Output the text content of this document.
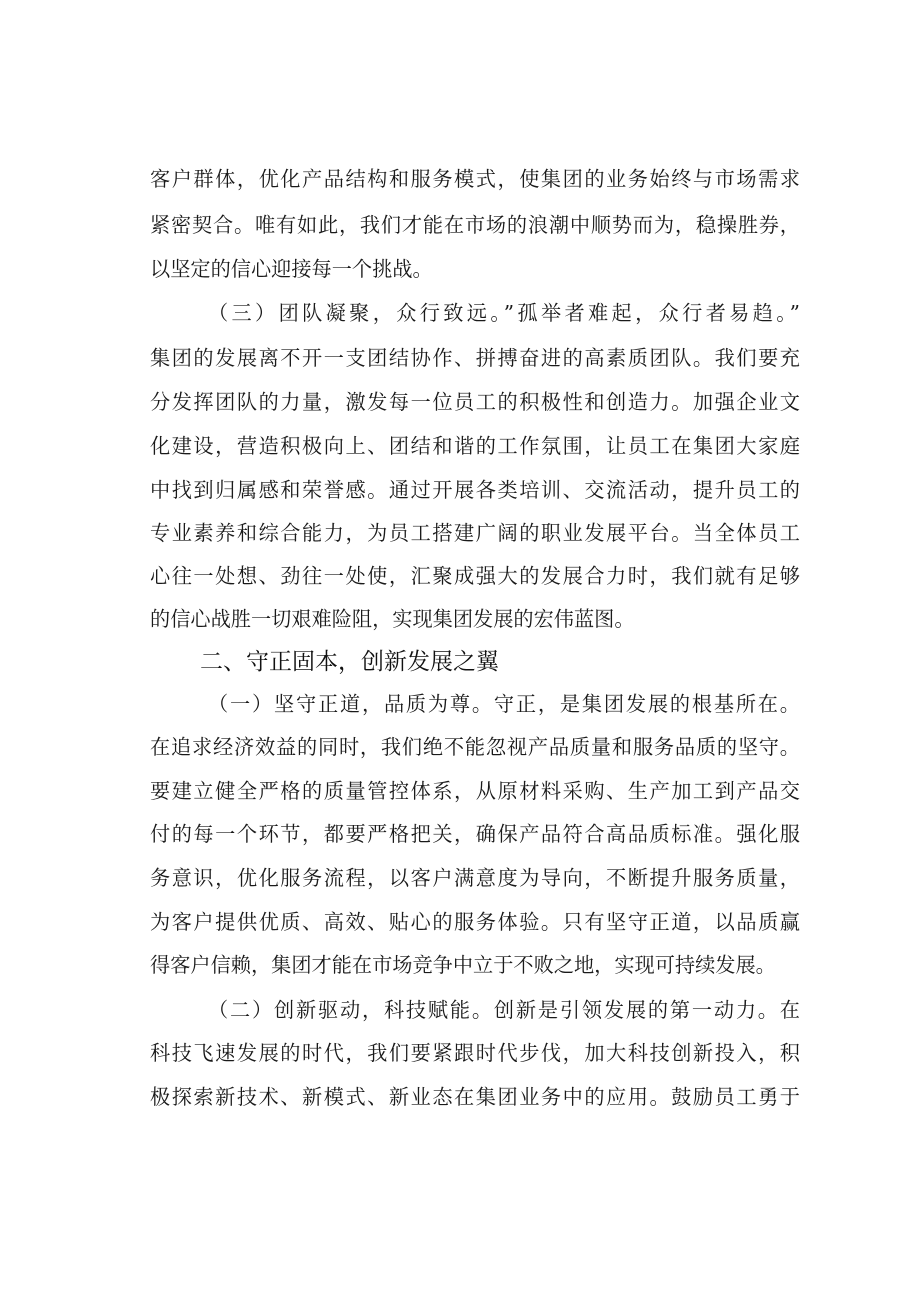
客户群体，优化产品结构和服务模式，使集团的业务始终与市场需求
紧密契合。唯有如此，我们才能在市场的浪潮中顺势而为，稳操胜券，
以坚定的信心迎接每一个挑战。
（三）团队凝聚，众行致远。”孤举者难起，众行者易趋。”
集团的发展离不开一支团结协作、拼搏奋进的高素质团队。我们要充
分发挥团队的力量，激发每一位员工的积极性和创造力。加强企业文
化建设，营造积极向上、团结和谐的工作氛围，让员工在集团大家庭
中找到归属感和荣誉感。通过开展各类培训、交流活动，提升员工的
专业素养和综合能力，为员工搭建广阔的职业发展平台。当全体员工
心往一处想、劲往一处使，汇聚成强大的发展合力时，我们就有足够
的信心战胜一切艰难险阻，实现集团发展的宏伟蓝图。
二、守正固本，创新发展之翼
（一）坚守正道，品质为尊。守正，是集团发展的根基所在。
在追求经济效益的同时，我们绝不能忽视产品质量和服务品质的坚守。
要建立健全严格的质量管控体系，从原材料采购、生产加工到产品交
付的每一个环节，都要严格把关，确保产品符合高品质标准。强化服
务意识，优化服务流程，以客户满意度为导向，不断提升服务质量，
为客户提供优质、高效、贴心的服务体验。只有坚守正道，以品质赢
得客户信赖，集团才能在市场竞争中立于不败之地，实现可持续发展。
（二）创新驱动，科技赋能。创新是引领发展的第一动力。在
科技飞速发展的时代，我们要紧跟时代步伐，加大科技创新投入，积
极探索新技术、新模式、新业态在集团业务中的应用。鼓励员工勇于
